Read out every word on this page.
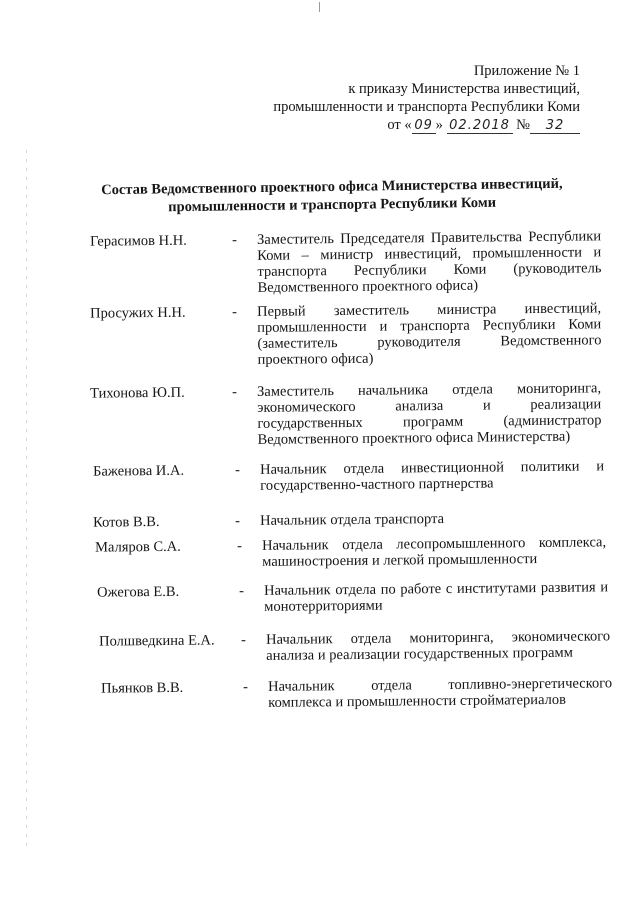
Приложение № 1
к приказу Министерства инвестиций,
промышленности и транспорта Республики Коми
от « 09 » 02.2018 № 32
Состав Ведомственного проектного офиса Министерства инвестиций,
промышленности и транспорта Республики Коми
Герасимов Н.Н.	- Заместитель Председателя Правительства Республики Коми – министр инвестиций, промышленности и транспорта Республики Коми (руководитель Ведомственного проектного офиса)
Просужих Н.Н.	- Первый заместитель министра инвестиций, промышленности и транспорта Республики Коми (заместитель руководителя Ведомственного проектного офиса)
Тихонова Ю.П.	- Заместитель начальника отдела мониторинга, экономического анализа и реализации государственных программ (администратор Ведомственного проектного офиса Министерства)
Баженова И.А.	- Начальник отдела инвестиционной политики и государственно-частного партнерства
Котов В.В.	- Начальник отдела транспорта
Маляров С.А.	- Начальник отдела лесопромышленного комплекса, машиностроения и легкой промышленности
Ожегова Е.В.	- Начальник отдела по работе с институтами развития и монотерриториями
Полшведкина Е.А. - Начальник отдела мониторинга, экономического анализа и реализации государственных программ
Пьянков В.В.	- Начальник отдела топливно-энергетического комплекса и промышленности стройматериалов
